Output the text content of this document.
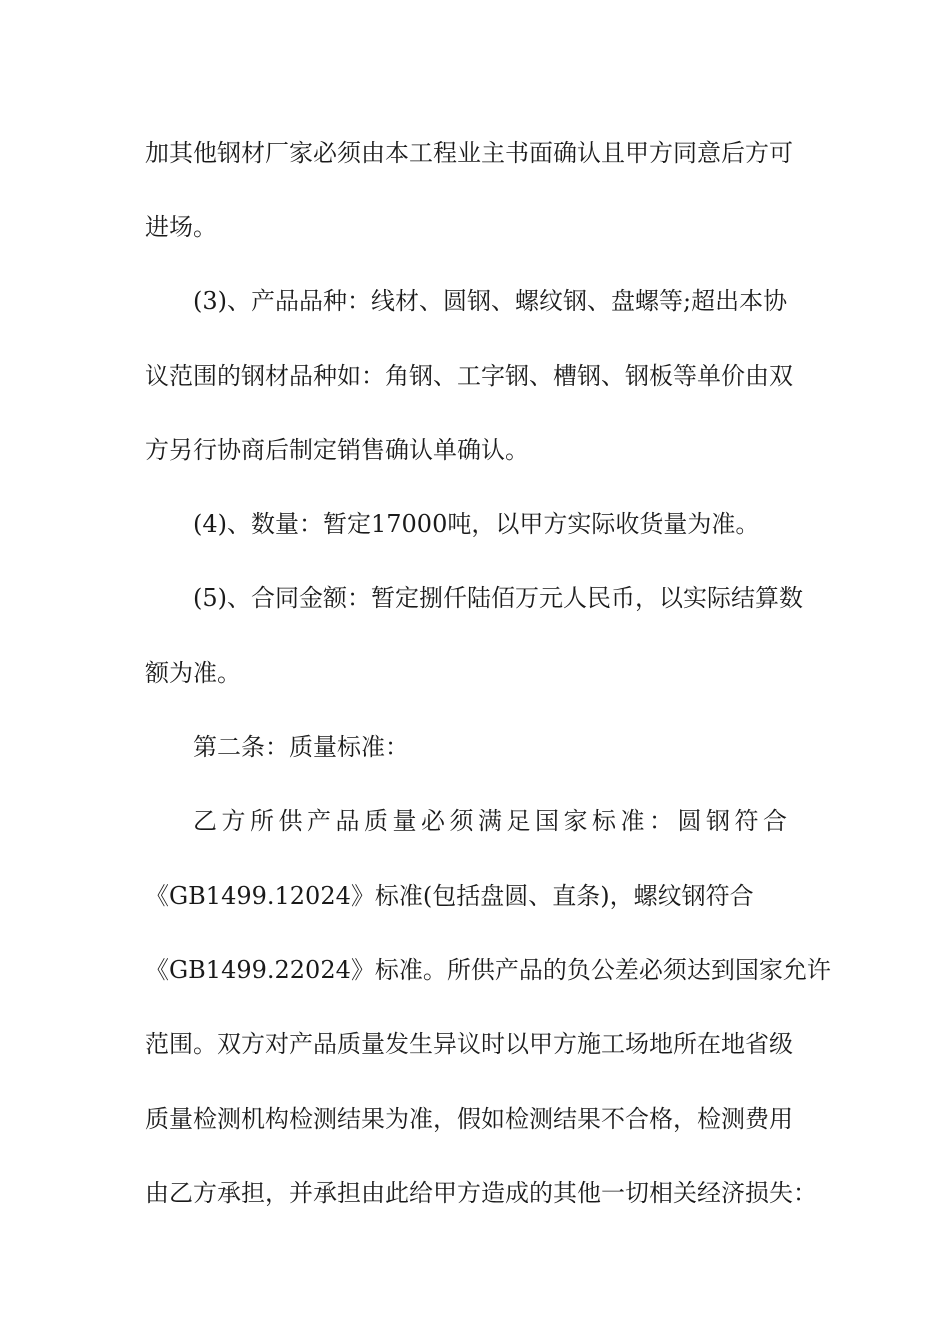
加其他钢材厂家必须由本工程业主书面确认且甲方同意后方可
进场。
(3)、产品品种：线材、圆钢、螺纹钢、盘螺等;超出本协
议范围的钢材品种如：角钢、工字钢、槽钢、钢板等单价由双
方另行协商后制定销售确认单确认。
(4)、数量：暂定17000吨，以甲方实际收货量为准。
(5)、合同金额：暂定捌仟陆佰万元人民币，以实际结算数
额为准。
第二条：质量标准：
乙方所供产品质量必须满足国家标准：圆钢符合
《GB1499.12024》标准(包括盘圆、直条)，螺纹钢符合
《GB1499.22024》标准。所供产品的负公差必须达到国家允许
范围。双方对产品质量发生异议时以甲方施工场地所在地省级
质量检测机构检测结果为准，假如检测结果不合格，检测费用
由乙方承担，并承担由此给甲方造成的其他一切相关经济损失：
